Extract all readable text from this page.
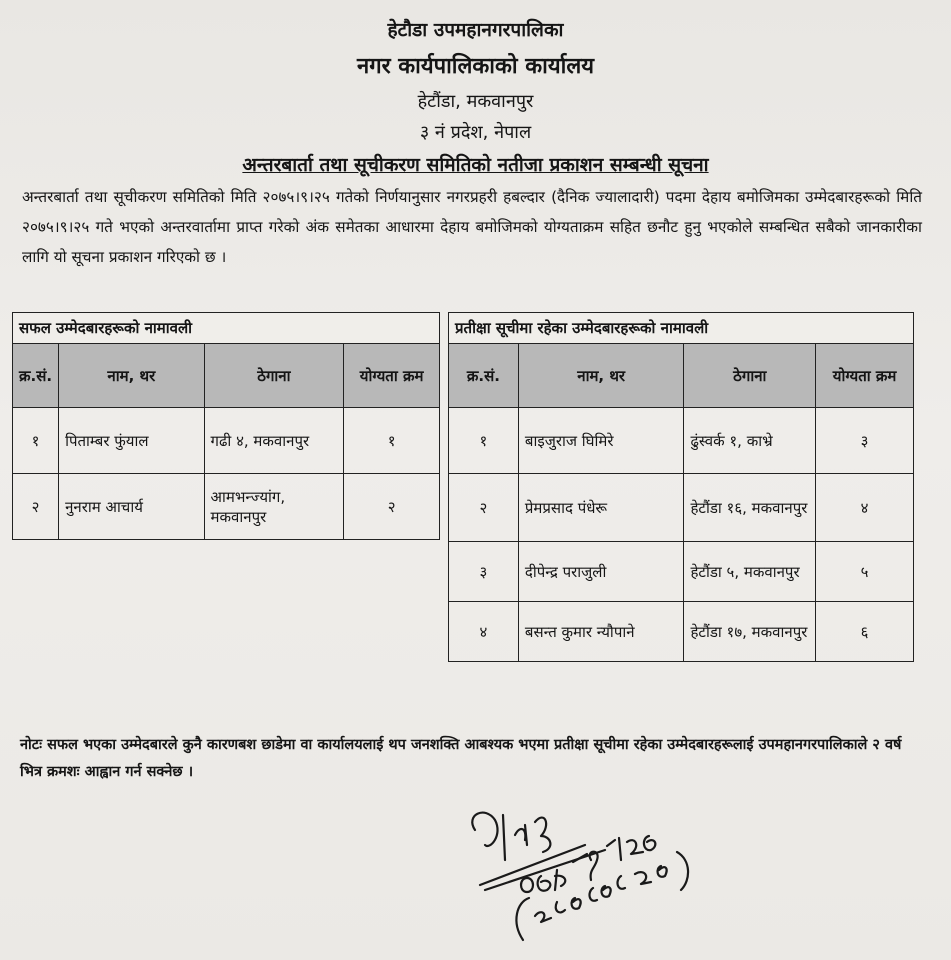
हेटौडा उपमहानगरपालिका
नगर कार्यपालिकाको कार्यालय
हेटौंडा, मकवानपुर
३ नं प्रदेश, नेपाल
अन्तरबार्ता तथा सूचीकरण समितिको नतीजा प्रकाशन सम्बन्धी सूचना
अन्तरबार्ता तथा सूचीकरण समितिको मिति २०७५।९।२५ गतेको निर्णयानुसार नगरप्रहरी हबल्दार (दैनिक ज्यालादारी) पदमा देहाय बमोजिमका उम्मेदबारहरूको मिति २०७५।९।२५ गते भएको अन्तरवार्तामा प्राप्त गरेको अंक समेतका आधारमा देहाय बमोजिमको योग्यताक्रम सहित छनौट हुनु भएकोले सम्बन्धित सबैको जानकारीका लागि यो सूचना प्रकाशन गरिएको छ ।
सफल उम्मेदबारहरूको नामावली			
क्र.सं.	नाम, थर	ठेगाना	योग्यता क्रम
१	पिताम्बर फुंयाल	गढी ४, मकवानपुर	१
२	नुनराम आचार्य	आमभन्ज्यांग, मकवानपुर	२
प्रतीक्षा सूचीमा रहेका उम्मेदबारहरूको नामावली			
क्र.सं.	नाम, थर	ठेगाना	योग्यता क्रम
१	बाइजुराज घिमिरे	ढुंस्वर्क १, काभ्रे	३
२	प्रेमप्रसाद पंधेरू	हेटौंडा १६, मकवानपुर	४
३	दीपेन्द्र पराजुली	हेटौंडा ५, मकवानपुर	५
४	बसन्त कुमार न्यौपाने	हेटौंडा १७, मकवानपुर	६
नोटः सफल भएका उम्मेदबारले कुनै कारणबश छाडेमा वा कार्यालयलाई थप जनशक्ति आबश्यक भएमा प्रतीक्षा सूचीमा रहेका उम्मेदबारहरूलाई उपमहानगरपालिकाले २ वर्ष भित्र क्रमशः आह्वान गर्न सक्नेछ ।
